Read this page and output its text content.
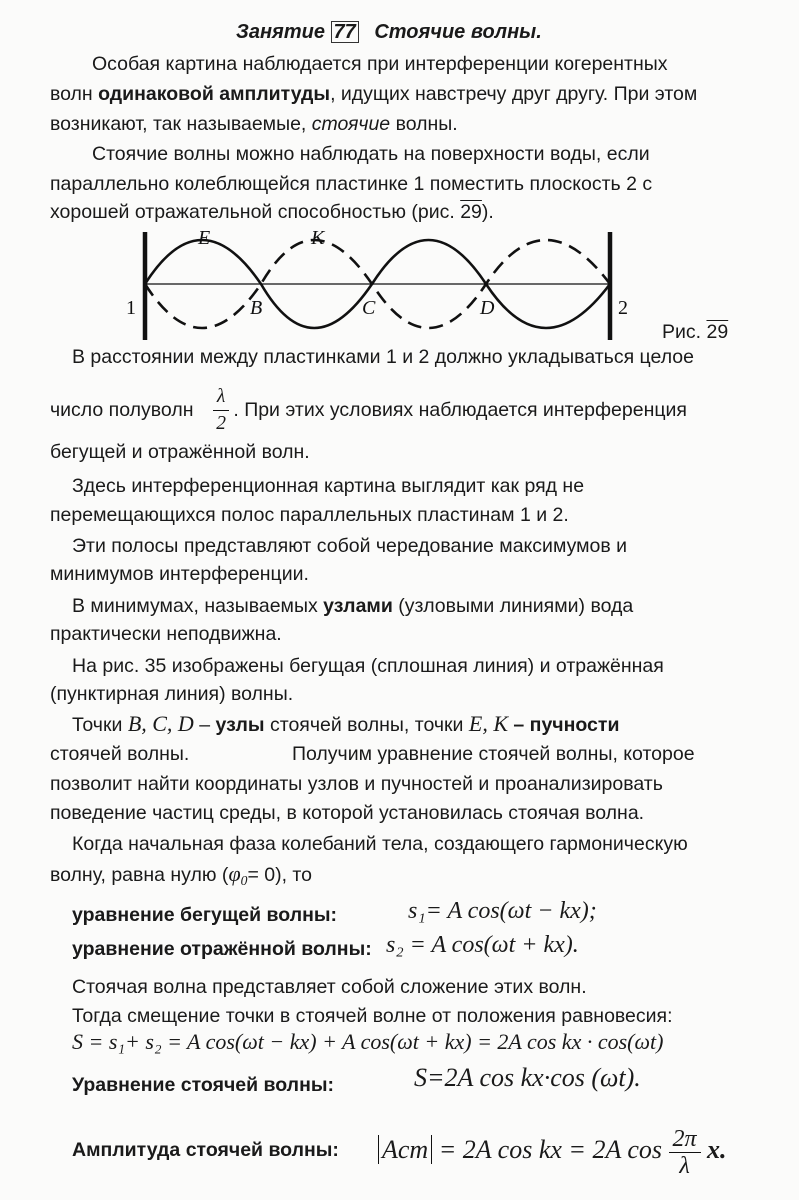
Занятие 77 Стоячие волны.
Особая картина наблюдается при интерференции когерентных
волн одинаковой амплитуды, идущих навстречу друг другу. При этом
возникают, так называемые, стоячие волны.
Стоячие волны можно наблюдать на поверхности воды, если
параллельно колеблющейся пластинке 1 поместить плоскость 2 с
хорошей отражательной способностью (рис. 29).
E	K
B	C	D
1	2
Рис. 29
В расстоянии между пластинками 1 и 2 должно укладываться целое
число полуволн $\frac{\lambda}{2}$ . При этих условиях наблюдается интерференция
бегущей и отражённой волн.
Здесь интерференционная картина выглядит как ряд не
перемещающихся полос параллельных пластинам 1 и 2.
Эти полосы представляют собой чередование максимумов и
минимумов интерференции.
В минимумах, называемых узлами (узловыми линиями) вода
практически неподвижна.
На рис. 35 изображены бегущая (сплошная линия) и отражённая
(пунктирная линия) волны.
Точки B, C, D – узлы стоячей волны, точки E, K – пучности
стоячей волны.	Получим уравнение стоячей волны, которое
позволит найти координаты узлов и пучностей и проанализировать
поведение частиц среды, в которой установилась стоячая волна.
Когда начальная фаза колебаний тела, создающего гармоническую
волну, равна нулю $(\varphi_0= 0)$, то
уравнение бегущей волны:	s₁= A cos(ωt − kx);
уравнение отражённой волны: s₂ = A cos(ωt + kx).
Стоячая волна представляет собой сложение этих волн.
Тогда смещение точки в стоячей волне от положения равновесия:
S = s₁+ s₂ = A cos(ωt − kx) + A cos(ωt + kx) = 2A cos kx · cos(ωt)
Уравнение стоячей волны:	S=2A cos kx·cos (ωt).
Амплитуда стоячей волны: Aст = 2A cos kx = 2A $\cos \frac{2\pi}{\lambda} x$.
